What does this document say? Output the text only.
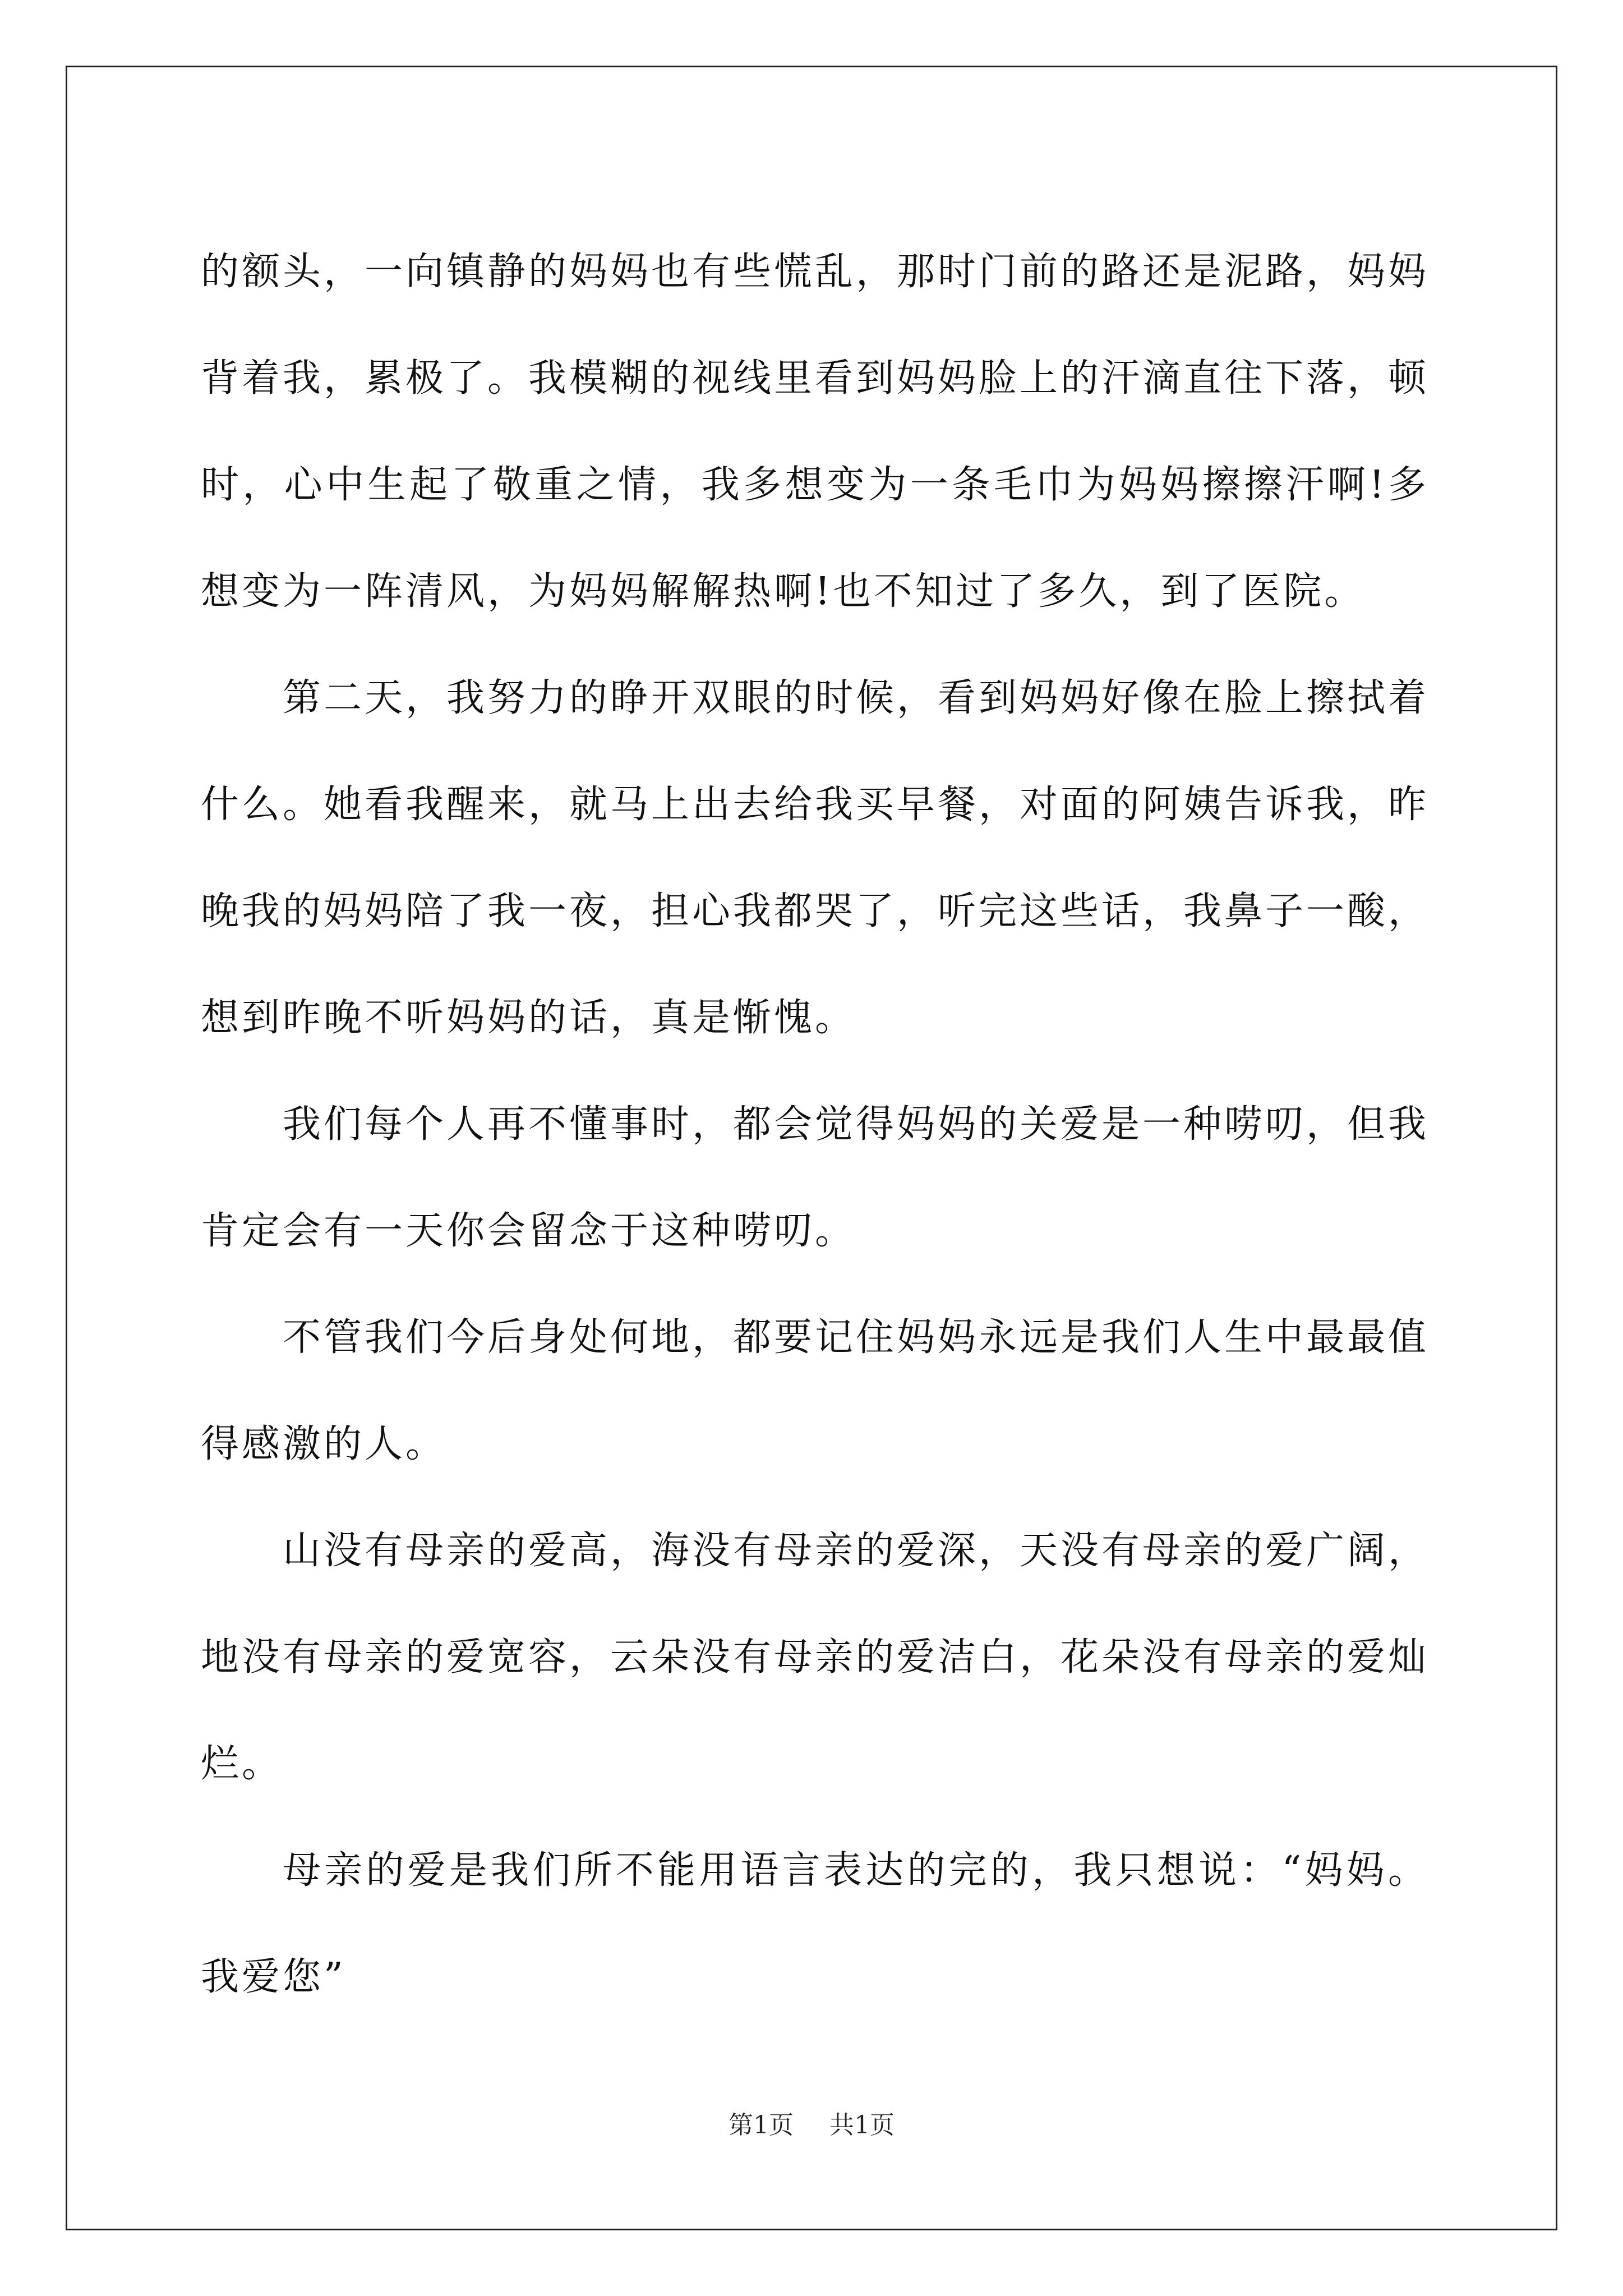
的额头，一向镇静的妈妈也有些慌乱，那时门前的路还是泥路，妈妈背着我，累极了。我模糊的视线里看到妈妈脸上的汗滴直往下落，顿时，心中生起了敬重之情，我多想变为一条毛巾为妈妈擦擦汗啊!多想变为一阵清风，为妈妈解解热啊!也不知过了多久，到了医院。

第二天，我努力的睁开双眼的时候，看到妈妈好像在脸上擦拭着什么。她看我醒来，就马上出去给我买早餐，对面的阿姨告诉我，昨晚我的妈妈陪了我一夜，担心我都哭了，听完这些话，我鼻子一酸，想到昨晚不听妈妈的话，真是惭愧。

我们每个人再不懂事时，都会觉得妈妈的关爱是一种唠叨，但我肯定会有一天你会留念于这种唠叨。

不管我们今后身处何地，都要记住妈妈永远是我们人生中最最值得感激的人。

山没有母亲的爱高，海没有母亲的爱深，天没有母亲的爱广阔，地没有母亲的爱宽容，云朵没有母亲的爱洁白，花朵没有母亲的爱灿烂。

母亲的爱是我们所不能用语言表达的完的，我只想说：“妈妈。我爱您”

第1页 共1页
